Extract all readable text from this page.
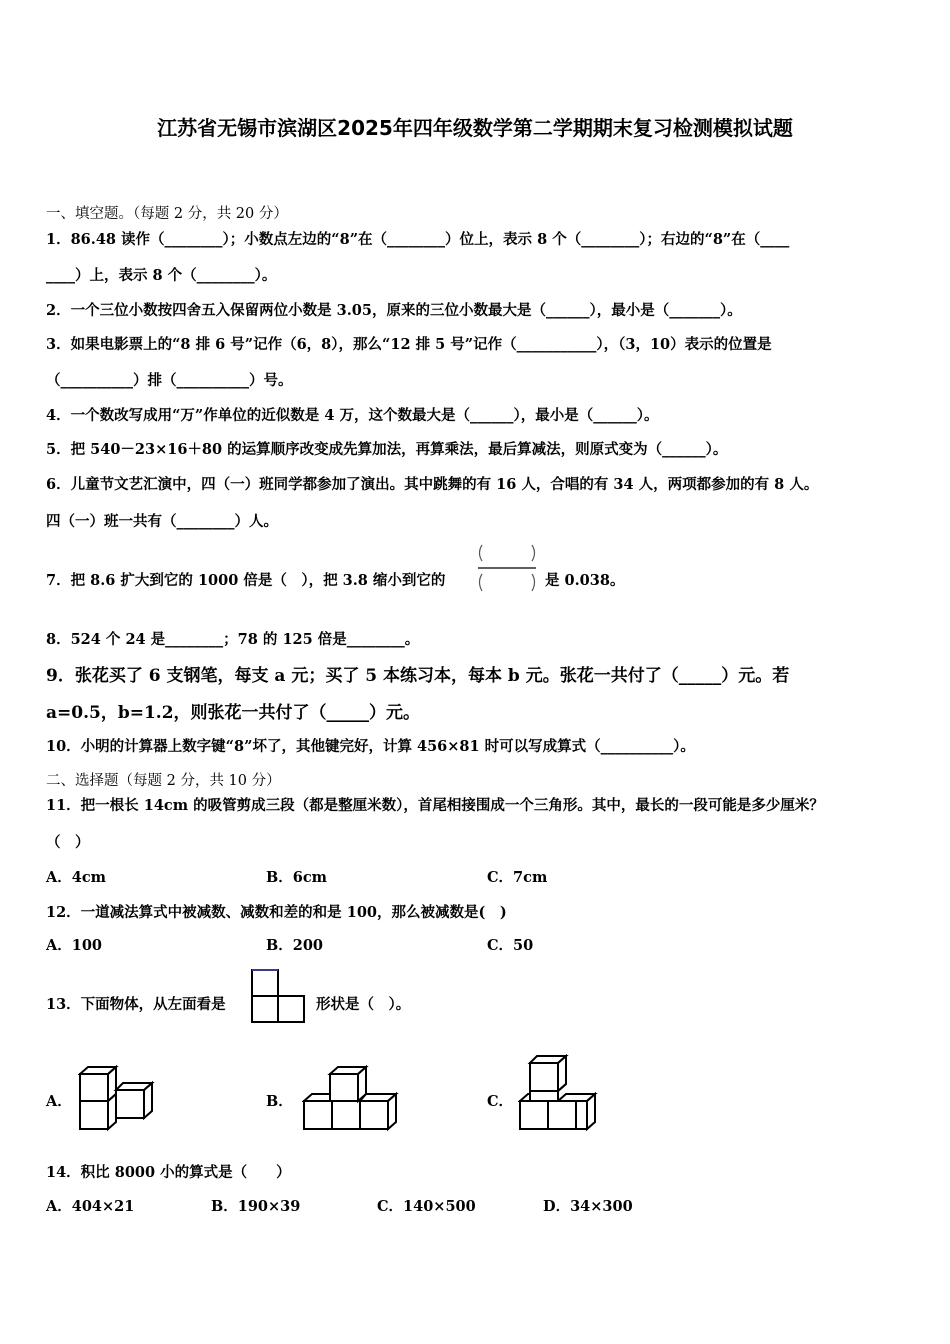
江苏省无锡市滨湖区2025年四年级数学第二学期期末复习检测模拟试题
一、填空题。（每题 2 分，共 20 分）
1．86.48 读作（________）；小数点左边的“8”在（________）位上，表示 8 个（________）；右边的“8”在（____
____）上，表示 8 个（________）。
2．一个三位小数按四舍五入保留两位小数是 3.05，原来的三位小数最大是（______），最小是（_______）。
3．如果电影票上的“8 排 6 号”记作（6，8），那么“12 排 5 号”记作（___________），（3，10）表示的位置是
（__________）排（__________）号。
4．一个数改写成用“万”作单位的近似数是 4 万，这个数最大是（______），最小是（______）。
5．把 540－23×16＋80 的运算顺序改变成先算加法，再算乘法，最后算减法，则原式变为（______）。
6．儿童节文艺汇演中，四（一）班同学都参加了演出。其中跳舞的有 16 人，合唱的有 34 人，两项都参加的有 8 人。
四（一）班一共有（________）人。
7．把 8.6 扩大到它的 1000 倍是（　），把 3.8 缩小到它的	是 0.038。
8．524 个 24 是________；78 的 125 倍是________。
9．张花买了 6 支钢笔，每支 a 元；买了 5 本练习本，每本 b 元。张花一共付了（_____）元。若
a=0.5，b=1.2，则张花一共付了（_____）元。
10．小明的计算器上数字键“8”坏了，其他键完好，计算 456×81 时可以写成算式（__________）。
二、选择题（每题 2 分，共 10 分）
11．把一根长 14cm 的吸管剪成三段（都是整厘米数），首尾相接围成一个三角形。其中，最长的一段可能是多少厘米？
（　）
A．4cm	B．6cm	C．7cm
12．一道减法算式中被减数、减数和差的和是 100，那么被减数是(　)
A．100	B．200	C．50
13．下面物体，从左面看是	形状是（　）。
A．	B．	C．
14．积比 8000 小的算式是（　　）
A．404×21	B．190×39	C．140×500	D．34×300
